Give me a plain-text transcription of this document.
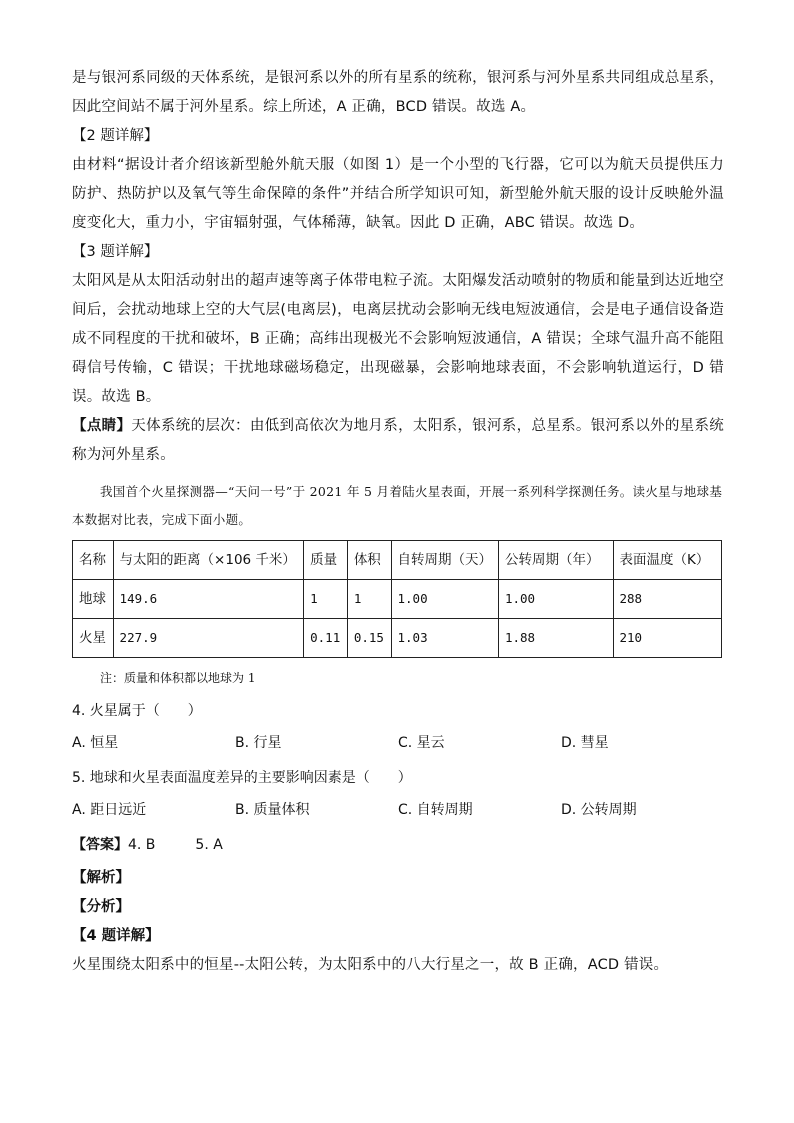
是与银河系同级的天体系统，是银河系以外的所有星系的统称，银河系与河外星系共同组成总星系，因此空间站不属于河外星系。综上所述，A 正确，BCD 错误。故选 A。

【2 题详解】

由材料“据设计者介绍该新型舱外航天服（如图 1）是一个小型的飞行器，它可以为航天员提供压力防护、热防护以及氧气等生命保障的条件”并结合所学知识可知，新型舱外航天服的设计反映舱外温度变化大，重力小，宇宙辐射强，气体稀薄，缺氧。因此 D 正确，ABC 错误。故选 D。

【3 题详解】

太阳风是从太阳活动射出的超声速等离子体带电粒子流。太阳爆发活动喷射的物质和能量到达近地空间后，会扰动地球上空的大气层(电离层)，电离层扰动会影响无线电短波通信，会是电子通信设备造成不同程度的干扰和破坏，B 正确；高纬出现极光不会影响短波通信，A 错误；全球气温升高不能阻碍信号传输，C 错误；干扰地球磁场稳定，出现磁暴，会影响地球表面，不会影响轨道运行，D 错误。故选 B。

【点睛】天体系统的层次：由低到高依次为地月系，太阳系，银河系，总星系。银河系以外的星系统称为河外星系。

我国首个火星探测器—“天问一号”于 2021 年 5 月着陆火星表面，开展一系列科学探测任务。读火星与地球基本数据对比表，完成下面小题。

名称	与太阳的距离（×106 千米）	质量	体积	自转周期（天）	公转周期（年）	表面温度（K）
地球	149.6	1	1	1.00	1.00	288
火星	227.9	0.11	0.15	1.03	1.88	210

注：质量和体积都以地球为 1

4. 火星属于（　　）

A. 恒星	B. 行星	C. 星云	D. 彗星

5. 地球和火星表面温度差异的主要影响因素是（　　）

A. 距日远近	B. 质量体积	C. 自转周期	D. 公转周期

【答案】4. B	5. A

【解析】

【分析】

【4 题详解】

火星围绕太阳系中的恒星--太阳公转，为太阳系中的八大行星之一，故 B 正确，ACD 错误。
